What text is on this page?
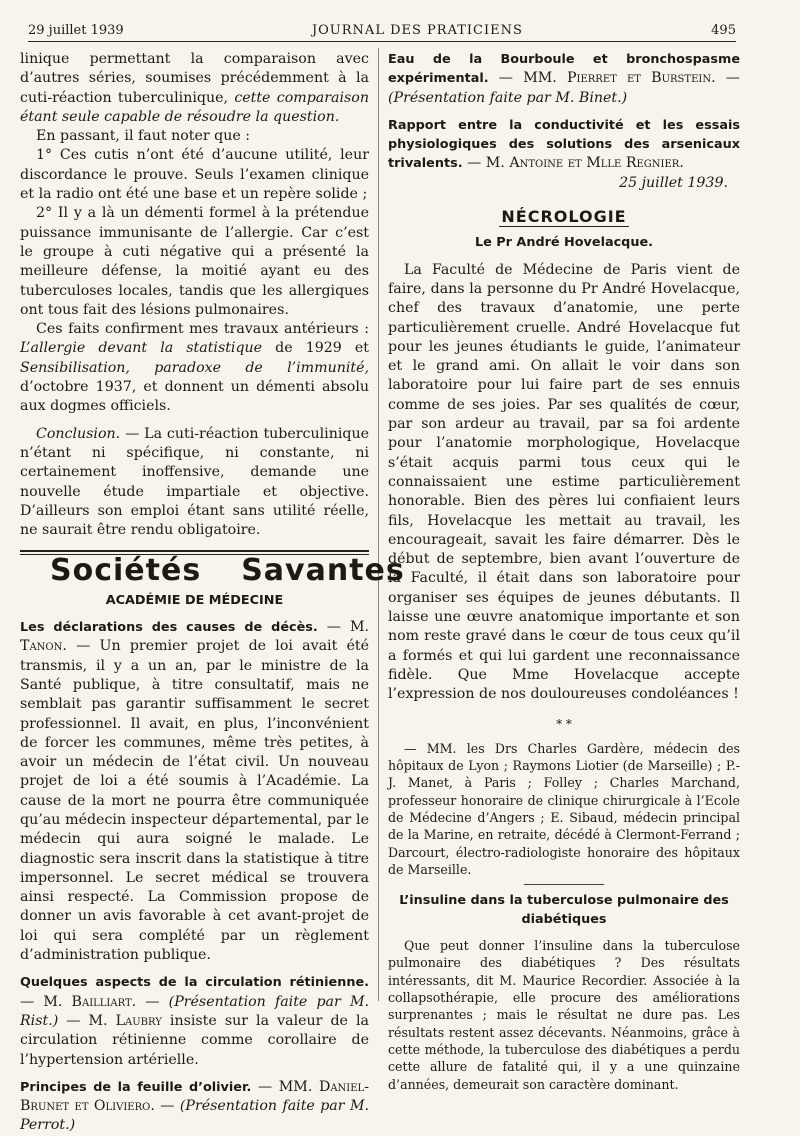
29 juillet 1939	JOURNAL DES PRATICIENS	495

linique permettant la comparaison avec d’autres séries, soumises précédemment à la cuti-réaction tuberculinique, cette comparaison étant seule capable de résoudre la question.

En passant, il faut noter que :

1° Ces cutis n’ont été d’aucune utilité, leur discordance le prouve. Seuls l’examen clinique et la radio ont été une base et un repère solide ;

2° Il y a là un démenti formel à la prétendue puissance immunisante de l’allergie. Car c’est le groupe à cuti négative qui a présenté la meilleure défense, la moitié ayant eu des tuberculoses locales, tandis que les allergiques ont tous fait des lésions pulmonaires.

Ces faits confirment mes travaux antérieurs : L’allergie devant la statistique de 1929 et Sensibilisation, paradoxe de l’immunité, d’octobre 1937, et donnent un démenti absolu aux dogmes officiels.

Conclusion. — La cuti-réaction tuberculinique n’étant ni spécifique, ni constante, ni certainement inoffensive, demande une nouvelle étude impartiale et objective. D’ailleurs son emploi étant sans utilité réelle, ne saurait être rendu obligatoire.

Sociétés Savantes
ACADÉMIE DE MÉDECINE

Les déclarations des causes de décès. — M. Tanon. — Un premier projet de loi avait été transmis, il y a un an, par le ministre de la Santé publique, à titre consultatif, mais ne semblait pas garantir suffisamment le secret professionnel. Il avait, en plus, l’inconvénient de forcer les communes, même très petites, à avoir un médecin de l’état civil. Un nouveau projet de loi a été soumis à l’Académie. La cause de la mort ne pourra être communiquée qu’au médecin inspecteur départemental, par le médecin qui aura soigné le malade. Le diagnostic sera inscrit dans la statistique à titre impersonnel. Le secret médical se trouvera ainsi respecté. La Commission propose de donner un avis favorable à cet avant-projet de loi qui sera complété par un règlement d’administration publique.

Quelques aspects de la circulation rétinienne. — M. Bailliart. — (Présentation faite par M. Rist.) — M. Laubry insiste sur la valeur de la circulation rétinienne comme corollaire de l’hypertension artérielle.

Principes de la feuille d’olivier. — MM. Daniel-Brunet et Oliviero. — (Présentation faite par M. Perrot.)

Eau de la Bourboule et bronchospasme expérimental. — MM. Pierret et Burstein. — (Présentation faite par M. Binet.)

Rapport entre la conductivité et les essais physiologiques des solutions des arsenicaux trivalents. — M. Antoine et Mlle Regnier.

25 juillet 1939.

NÉCROLOGIE
Le Pr André Hovelacque.

La Faculté de Médecine de Paris vient de faire, dans la personne du Pr André Hovelacque, chef des travaux d’anatomie, une perte particulièrement cruelle. André Hovelacque fut pour les jeunes étudiants le guide, l’animateur et le grand ami. On allait le voir dans son laboratoire pour lui faire part de ses ennuis comme de ses joies. Par ses qualités de cœur, par son ardeur au travail, par sa foi ardente pour l’anatomie morphologique, Hovelacque s’était acquis parmi tous ceux qui le connaissaient une estime particulièrement honorable. Bien des pères lui confiaient leurs fils, Hovelacque les mettait au travail, les encourageait, savait les faire démarrer. Dès le début de septembre, bien avant l’ouverture de la Faculté, il était dans son laboratoire pour organiser ses équipes de jeunes débutants. Il laisse une œuvre anatomique importante et son nom reste gravé dans le cœur de tous ceux qu’il a formés et qui lui gardent une reconnaissance fidèle. Que Mme Hovelacque accepte l’expression de nos douloureuses condoléances !

* *

— MM. les Drs Charles Gardère, médecin des hôpitaux de Lyon ; Raymons Liotier (de Marseille) ; P.-J. Manet, à Paris ; Folley ; Charles Marchand, professeur honoraire de clinique chirurgicale à l’Ecole de Médecine d’Angers ; E. Sibaud, médecin principal de la Marine, en retraite, décédé à Clermont-Ferrand ; Darcourt, électro-radiologiste honoraire des hôpitaux de Marseille.

L’insuline dans la tuberculose pulmonaire des diabétiques

Que peut donner l’insuline dans la tuberculose pulmonaire des diabétiques ? Des résultats intéressants, dit M. Maurice Recordier. Associée à la collapsothérapie, elle procure des améliorations surprenantes ; mais le résultat ne dure pas. Les résultats restent assez décevants. Néanmoins, grâce à cette méthode, la tuberculose des diabétiques a perdu cette allure de fatalité qui, il y a une quinzaine d’années, demeurait son caractère dominant.
